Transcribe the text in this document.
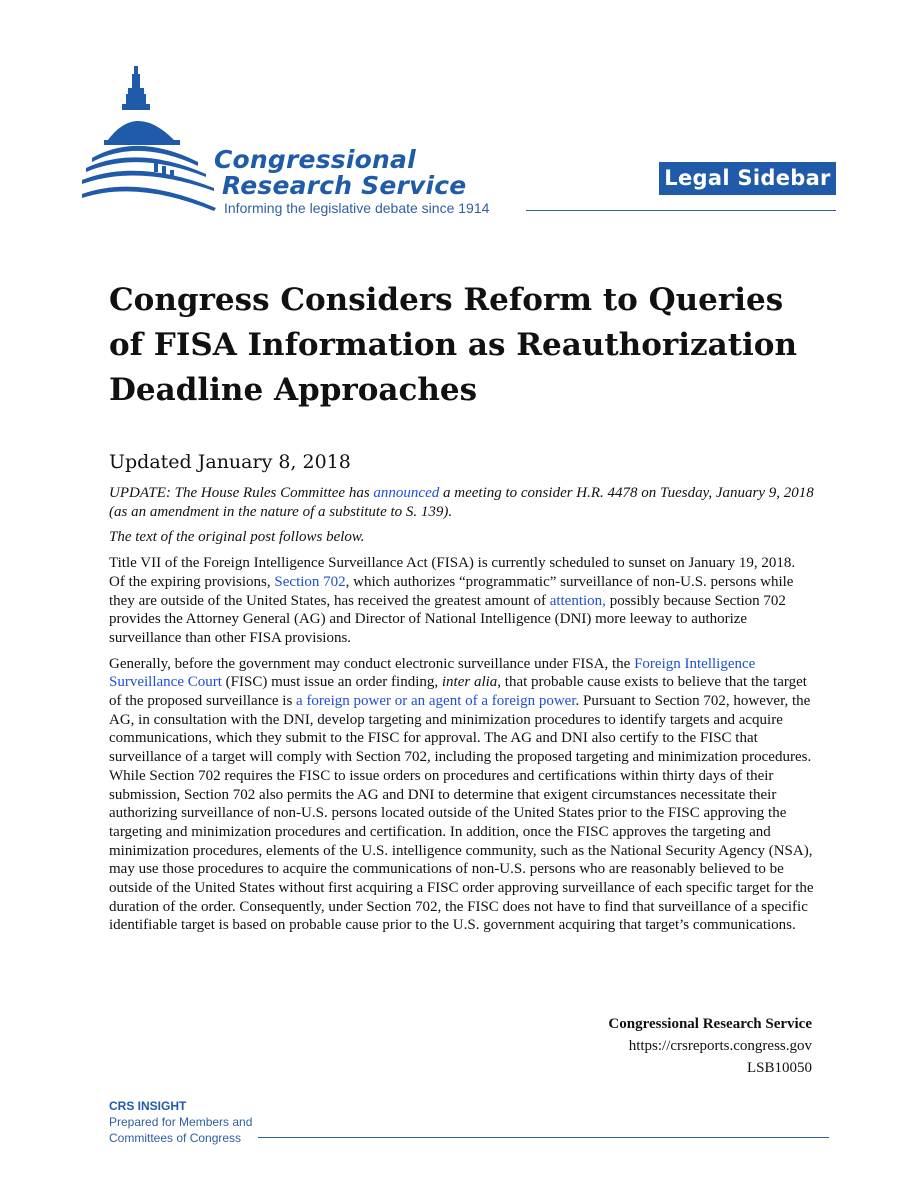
Congressional
Research Service
Informing the legislative debate since 1914
Legal Sidebar
Congress Considers Reform to Queries of FISA Information as Reauthorization Deadline Approaches
Updated January 8, 2018

UPDATE: The House Rules Committee has announced a meeting to consider H.R. 4478 on Tuesday, January 9, 2018 (as an amendment in the nature of a substitute to S. 139).

The text of the original post follows below.

Title VII of the Foreign Intelligence Surveillance Act (FISA) is currently scheduled to sunset on January 19, 2018. Of the expiring provisions, Section 702, which authorizes “programmatic” surveillance of non-U.S. persons while they are outside of the United States, has received the greatest amount of attention, possibly because Section 702 provides the Attorney General (AG) and Director of National Intelligence (DNI) more leeway to authorize surveillance than other FISA provisions.

Generally, before the government may conduct electronic surveillance under FISA, the Foreign Intelligence Surveillance Court (FISC) must issue an order finding, inter alia, that probable cause exists to believe that the target of the proposed surveillance is a foreign power or an agent of a foreign power. Pursuant to Section 702, however, the AG, in consultation with the DNI, develop targeting and minimization procedures to identify targets and acquire communications, which they submit to the FISC for approval. The AG and DNI also certify to the FISC that surveillance of a target will comply with Section 702, including the proposed targeting and minimization procedures. While Section 702 requires the FISC to issue orders on procedures and certifications within thirty days of their submission, Section 702 also permits the AG and DNI to determine that exigent circumstances necessitate their authorizing surveillance of non-U.S. persons located outside of the United States prior to the FISC approving the targeting and minimization procedures and certification. In addition, once the FISC approves the targeting and minimization procedures, elements of the U.S. intelligence community, such as the National Security Agency (NSA), may use those procedures to acquire the communications of non-U.S. persons who are reasonably believed to be outside of the United States without first acquiring a FISC order approving surveillance of each specific target for the duration of the order. Consequently, under Section 702, the FISC does not have to find that surveillance of a specific identifiable target is based on probable cause prior to the U.S. government acquiring that target’s communications.

Congressional Research Service
https://crsreports.congress.gov
LSB10050
CRS INSIGHT
Prepared for Members and
Committees of Congress
